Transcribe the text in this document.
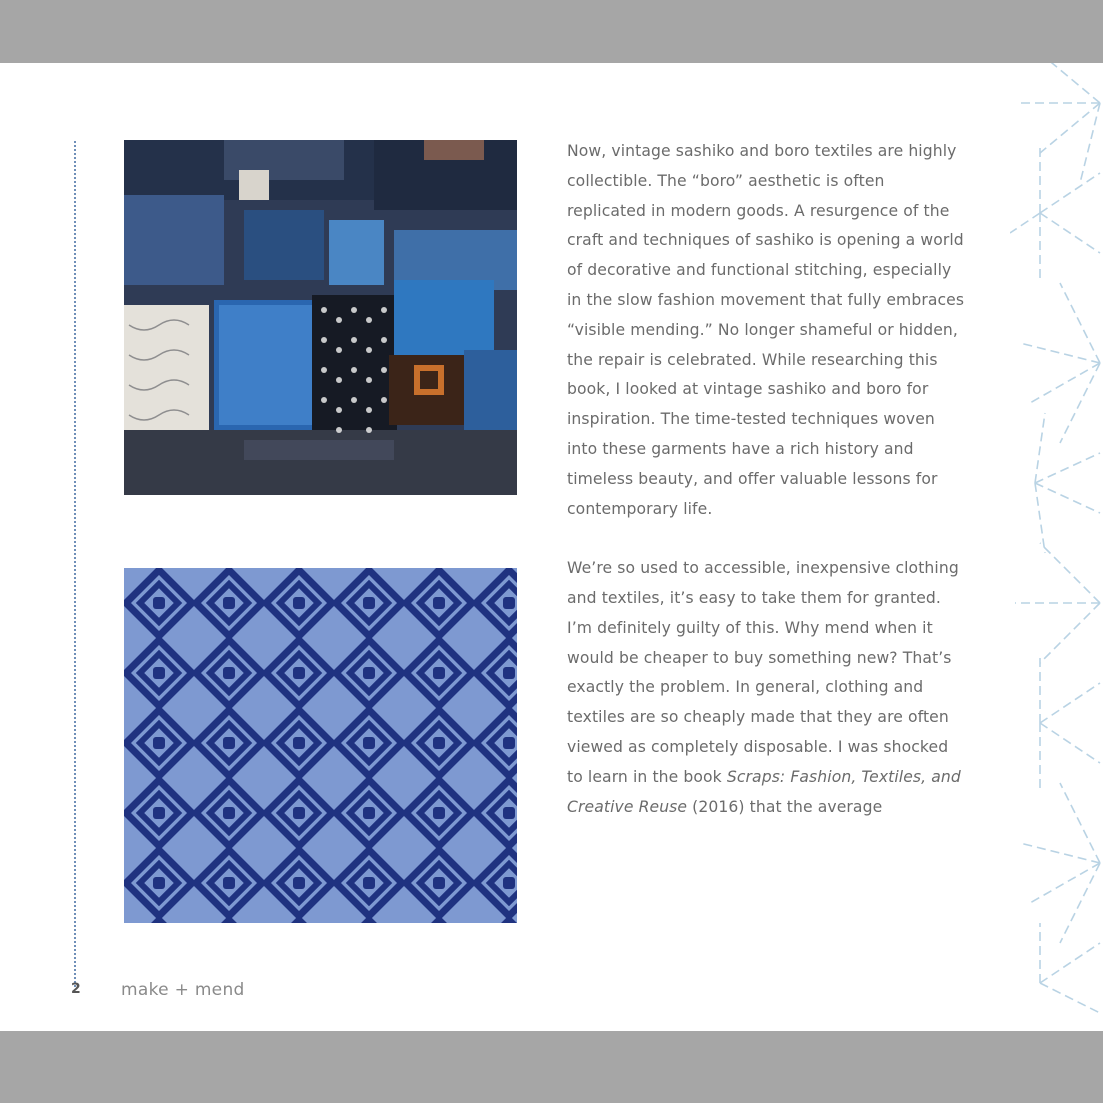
Now, vintage sashiko and boro textiles are highly collectible. The “boro” aesthetic is often replicated in modern goods. A resurgence of the craft and techniques of sashiko is opening a world of decorative and functional stitching, especially in the slow fashion movement that fully embraces “visible mending.” No longer shameful or hidden, the repair is celebrated. While researching this book, I looked at vintage sashiko and boro for inspiration. The time-tested techniques woven into these garments have a rich history and timeless beauty, and offer valuable lessons for contemporary life.

We’re so used to accessible, inexpensive clothing and textiles, it’s easy to take them for granted. I’m definitely guilty of this. Why mend when it would be cheaper to buy something new? That’s exactly the problem. In general, clothing and textiles are so cheaply made that they are often viewed as completely disposable. I was shocked to learn in the book Scraps: Fashion, Textiles, and Creative Reuse (2016) that the average

2 make + mend
